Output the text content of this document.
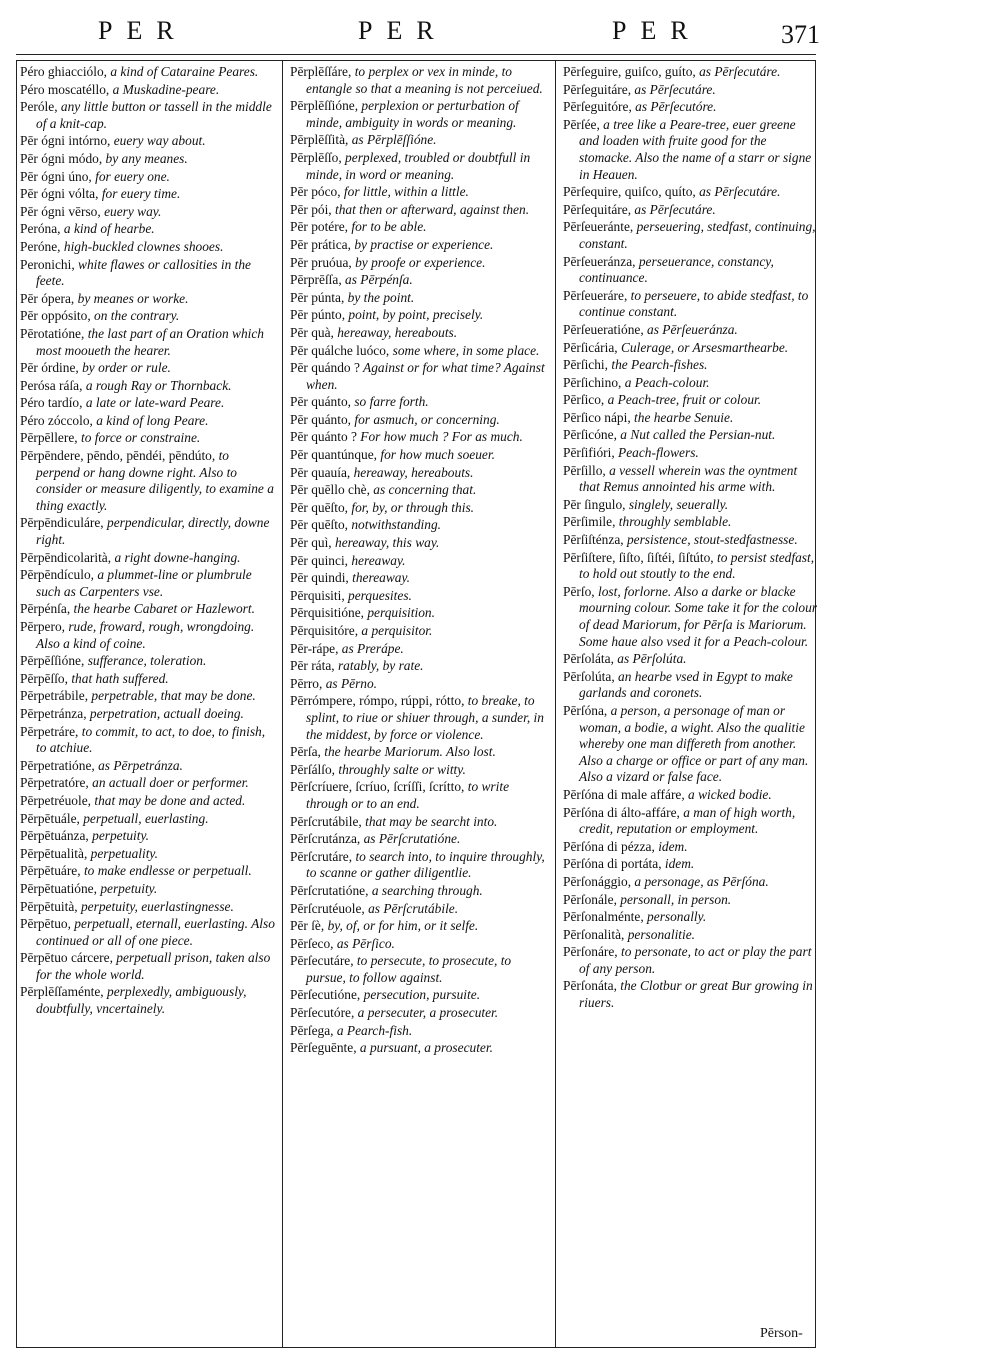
PER	PER	PER	371
Péro ghiacciólo, a kind of Cataraine Peares.
Péro moscatéllo, a Muskadine-peare.
Peróle, any little button or tassell in the middle of a knit-cap.
Pēr ógni intórno, euery way about.
Pēr ógni módo, by any meanes.
Pēr ógni úno, for euery one.
Pēr ógni vólta, for euery time.
Pēr ógni vērso, euery way.
Peróna, a kind of hearbe.
Peróne, high-buckled clownes shooes.
Peronichi, white flawes or callosities in the feete.
Pēr ópera, by meanes or worke.
Pēr oppósito, on the contrary.
Pērotatióne, the last part of an Oration which most mooueth the hearer.
Pēr órdine, by order or rule.
Perósa ráſa, a rough Ray or Thornback.
Péro tardío, a late or late-ward Peare.
Péro zóccolo, a kind of long Peare.
Pērpēllere, to force or constraine.
Pērpēndere, pēndo, pēndéi, pēndúto, to perpend or hang downe right. Also to consider or measure diligently, to examine a thing exactly.
Pērpēndiculáre, perpendicular, directly, downe right.
Pērpēndicolarità, a right downe-hanging.
Pērpēndículo, a plummet-line or plumbrule such as Carpenters vse.
Pērpénſa, the hearbe Cabaret or Hazlewort.
Pērpero, rude, froward, rough, wrongdoing. Also a kind of coine.
Pērpēſſióne, sufferance, toleration.
Pērpēſſo, that hath suffered.
Pērpetrábile, perpetrable, that may be done.
Pērpetránza, perpetration, actuall doeing.
Pērpetráre, to commit, to act, to doe, to finish, to atchiue.
Pērpetratióne, as Pērpetránza.
Pērpetratóre, an actuall doer or performer.
Pērpetréuole, that may be done and acted.
Pērpētuále, perpetuall, euerlasting.
Pērpētuánza, perpetuity.
Pērpētualità, perpetuality.
Pērpētuáre, to make endlesse or perpetuall.
Pērpētuatióne, perpetuity.
Pērpētuità, perpetuity, euerlastingnesse.
Pērpētuo, perpetuall, eternall, euerlasting. Also continued or all of one piece.
Pērpētuo cárcere, perpetuall prison, taken also for the whole world.
Pērplēſſaménte, perplexedly, ambiguously, doubtfully, vncertainely.
Pērplēſſáre, to perplex or vex in minde, to entangle so that a meaning is not perceiued.
Pērplēſſióne, perplexion or perturbation of minde, ambiguity in words or meaning.
Pērplēſſità, as Pērplēſſióne.
Pērplēſſo, perplexed, troubled or doubtfull in minde, in word or meaning.
Pēr póco, for little, within a little.
Pēr pói, that then or afterward, against then.
Pēr potére, for to be able.
Pēr prática, by practise or experience.
Pēr pruóua, by proofe or experience.
Pērprēſſa, as Pērpénſa.
Pēr púnta, by the point.
Pēr púnto, point, by point, precisely.
Pēr quà, hereaway, hereabouts.
Pēr quálche luóco, some where, in some place.
Pēr quándo ? Against or for what time? Against when.
Pēr quánto, so farre forth.
Pēr quánto, for asmuch, or concerning.
Pēr quánto ? For how much ? For as much.
Pēr quantúnque, for how much soeuer.
Pēr quauía, hereaway, hereabouts.
Pēr quēllo chè, as concerning that.
Pēr quēſto, for, by, or through this.
Pēr quēſto, notwithstanding.
Pēr quì, hereaway, this way.
Pēr quinci, hereaway.
Pēr quindi, thereaway.
Pērquisiti, perquesites.
Pērquisitióne, perquisition.
Pērquisitóre, a perquisitor.
Pēr-rápe, as Prerápe.
Pēr ráta, ratably, by rate.
Pērro, as Pērno.
Pērrómpere, rómpo, rúppi, rótto, to breake, to splint, to riue or shiuer through, a sunder, in the middest, by force or violence.
Pērſa, the hearbe Mariorum. Also lost.
Pērſálſo, throughly salte or witty.
Pērſcríuere, ſcríuo, ſcríſſi, ſcrítto, to write through or to an end.
Pērſcrutábile, that may be searcht into.
Pērſcrutánza, as Pērſcrutatióne.
Pērſcrutáre, to search into, to inquire throughly, to scanne or gather diligentlie.
Pērſcrutatióne, a searching through.
Pērſcrutéuole, as Pērſcrutábile.
Pēr ſè, by, of, or for him, or it selfe.
Pērſeco, as Pērſico.
Pērſecutáre, to persecute, to prosecute, to pursue, to follow against.
Pērſecutióne, persecution, pursuite.
Pērſecutóre, a persecuter, a prosecuter.
Pērſega, a Pearch-fish.
Pērſeguēnte, a pursuant, a prosecuter.
Pērſeguire, guiſco, guíto, as Pērſecutáre.
Pērſeguitáre, as Pērſecutáre.
Pērſeguitóre, as Pērſecutóre.
Pērſée, a tree like a Peare-tree, euer greene and loaden with fruite good for the stomacke. Also the name of a starr or signe in Heauen.
Pērſequire, quiſco, quíto, as Pērſecutáre.
Pērſequitáre, as Pērſecutáre.
Pērſeueránte, perseuering, stedfast, continuing, constant.
Pērſeueránza, perseuerance, constancy, continuance.
Pērſeueráre, to perseuere, to abide stedfast, to continue constant.
Pērſeueratióne, as Pērſeueránza.
Pērſicária, Culerage, or Arsesmarthearbe.
Pērſichi, the Pearch-fishes.
Pērſichino, a Peach-colour.
Pērſico, a Peach-tree, fruit or colour.
Pērſico nápi, the hearbe Senuie.
Pērſicóne, a Nut called the Persian-nut.
Pērſifióri, Peach-flowers.
Pērſillo, a vessell wherein was the oyntment that Remus annointed his arme with.
Pēr ſingulo, singlely, seuerally.
Pērſimile, throughly semblable.
Pērſiſténza, persistence, stout-stedfastnesse.
Pērſiſtere, ſiſto, ſiſtéi, ſiſtúto, to persist stedfast, to hold out stoutly to the end.
Pērſo, lost, forlorne. Also a darke or blacke mourning colour. Some take it for the colour of dead Mariorum, for Pērſa is Mariorum. Some haue also vsed it for a Peach-colour.
Pērſoláta, as Pērſolúta.
Pērſolúta, an hearbe vsed in Egypt to make garlands and coronets.
Pērſóna, a person, a personage of man or woman, a bodie, a wight. Also the qualitie whereby one man differeth from another. Also a charge or office or part of any man. Also a vizard or false face.
Pērſóna di male affáre, a wicked bodie.
Pērſóna di álto-affáre, a man of high worth, credit, reputation or employment.
Pērſóna di pézza, idem.
Pērſóna di portáta, idem.
Pērſonággio, a personage, as Pērſóna.
Pērſonále, personall, in person.
Pērſonalménte, personally.
Pērſonalità, personalitie.
Pērſonáre, to personate, to act or play the part of any person.
Pērſonáta, the Clotbur or great Bur growing in riuers.
Pērson-
